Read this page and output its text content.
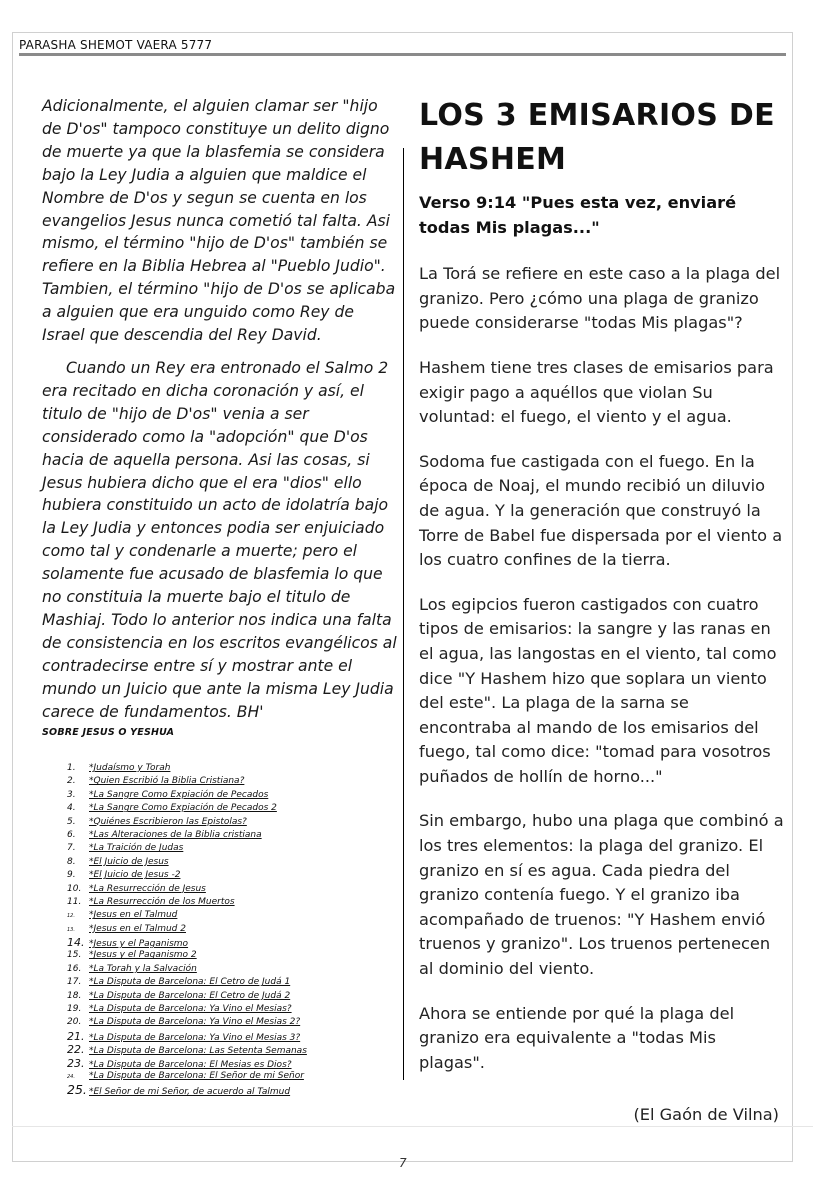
PARASHA SHEMOT VAERA 5777

Adicionalmente, el alguien clamar ser "hijo de D'os" tampoco constituye un delito digno de muerte ya que la blasfemia se considera bajo la Ley Judia a alguien que maldice el Nombre de D'os y segun se cuenta en los evangelios Jesus nunca cometió tal falta. Asi mismo, el término "hijo de D'os" también se refiere en la Biblia Hebrea al "Pueblo Judio". Tambien, el término "hijo de D'os se aplicaba a alguien que era unguido como Rey de Israel que descendia del Rey David.

Cuando un Rey era entronado el Salmo 2 era recitado en dicha coronación y así, el titulo de "hijo de D'os" venia a ser considerado como la "adopción" que D'os hacia de aquella persona. Asi las cosas, si Jesus hubiera dicho que el era "dios" ello hubiera constituido un acto de idolatría bajo la Ley Judia y entonces podia ser enjuiciado como tal y condenarle a muerte; pero el solamente fue acusado de blasfemia lo que no constituia la muerte bajo el titulo de Mashiaj. Todo lo anterior nos indica una falta de consistencia en los escritos evangélicos al contradecirse entre sí y mostrar ante el mundo un Juicio que ante la misma Ley Judia carece de fundamentos. BH'

SOBRE JESUS O YESHUA
1. *Judaísmo y Torah
2. *Quien Escribió la Biblia Cristiana?
3. *La Sangre Como Expiación de Pecados
4. *La Sangre Como Expiación de Pecados 2
5. *Quiénes Escribieron las Epistolas?
6. *Las Alteraciones de la Biblia cristiana
7. *La Traición de Judas
8. *El Juicio de Jesus
9. *El Juicio de Jesus -2
10. *La Resurrección de Jesus
11. *La Resurrección de los Muertos
12. *Jesus en el Talmud
13. *Jesus en el Talmud 2
14. *Jesus y el Paganismo
15. *Jesus y el Paganismo 2
16. *La Torah y la Salvación
17. *La Disputa de Barcelona: El Cetro de Judá 1
18. *La Disputa de Barcelona: El Cetro de Judá 2
19. *La Disputa de Barcelona: Ya Vino el Mesias?
20. *La Disputa de Barcelona: Ya Vino el Mesias 2?
21. *La Disputa de Barcelona: Ya Vino el Mesias 3?
22. *La Disputa de Barcelona: Las Setenta Semanas
23. *La Disputa de Barcelona: El Mesias es Dios?
24. *La Disputa de Barcelona: El Señor de mi Señor
25. *El Señor de mi Señor, de acuerdo al Talmud
LOS 3 EMISARIOS DE HASHEM
Verso 9:14 "Pues esta vez, enviaré todas Mis plagas..."

La Torá se refiere en este caso a la plaga del granizo. Pero ¿cómo una plaga de granizo puede considerarse "todas Mis plagas"?

Hashem tiene tres clases de emisarios para exigir pago a aquéllos que violan Su voluntad: el fuego, el viento y el agua.

Sodoma fue castigada con el fuego. En la época de Noaj, el mundo recibió un diluvio de agua. Y la generación que construyó la Torre de Babel fue dispersada por el viento a los cuatro confines de la tierra.

Los egipcios fueron castigados con cuatro tipos de emisarios: la sangre y las ranas en el agua, las langostas en el viento, tal como dice "Y Hashem hizo que soplara un viento del este". La plaga de la sarna se encontraba al mando de los emisarios del fuego, tal como dice: "tomad para vosotros puñados de hollín de horno..."

Sin embargo, hubo una plaga que combinó a los tres elementos: la plaga del granizo. El granizo en sí es agua. Cada piedra del granizo contenía fuego. Y el granizo iba acompañado de truenos: "Y Hashem envió truenos y granizo". Los truenos pertenecen al dominio del viento.

Ahora se entiende por qué la plaga del granizo era equivalente a "todas Mis plagas".

(El Gaón de Vilna)
7
